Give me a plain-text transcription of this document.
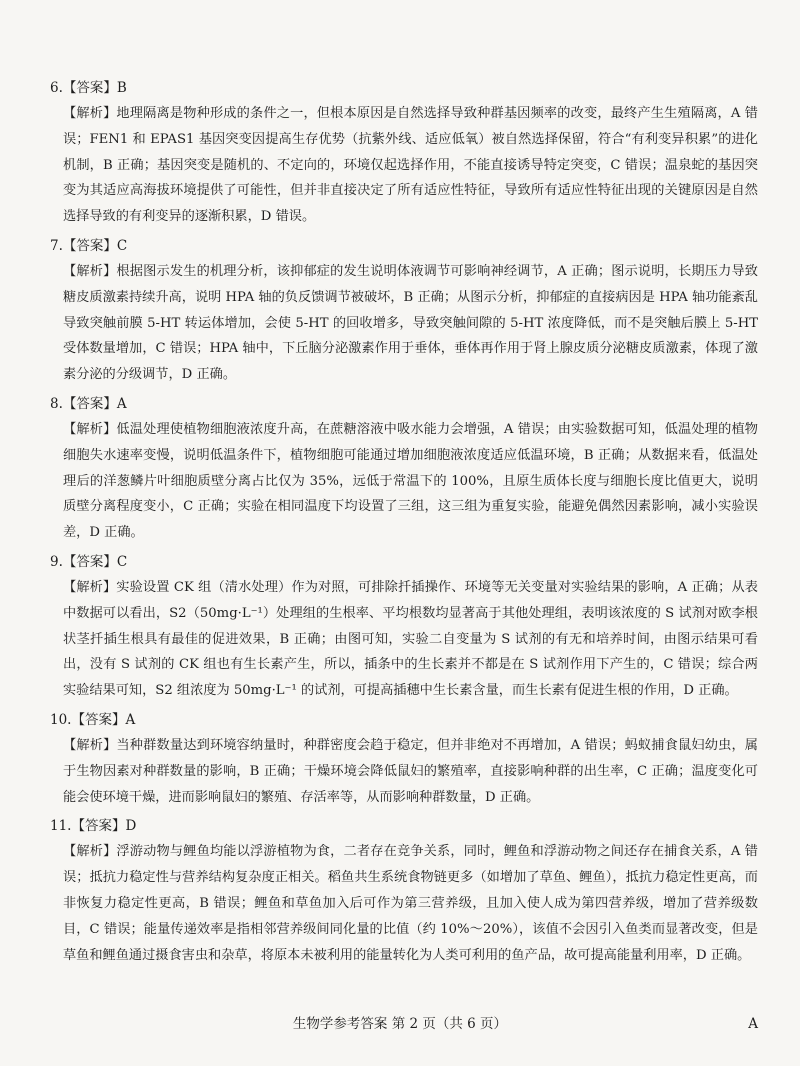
6.【答案】B
【解析】地理隔离是物种形成的条件之一，但根本原因是自然选择导致种群基因频率的改变，最终产生生殖隔离，A 错误；FEN1 和 EPAS1 基因突变因提高生存优势（抗紫外线、适应低氧）被自然选择保留，符合“有利变异积累”的进化机制，B 正确；基因突变是随机的、不定向的，环境仅起选择作用，不能直接诱导特定突变，C 错误；温泉蛇的基因突变为其适应高海拔环境提供了可能性，但并非直接决定了所有适应性特征，导致所有适应性特征出现的关键原因是自然选择导致的有利变异的逐渐积累，D 错误。
7.【答案】C
【解析】根据图示发生的机理分析，该抑郁症的发生说明体液调节可影响神经调节，A 正确；图示说明，长期压力导致糖皮质激素持续升高，说明 HPA 轴的负反馈调节被破坏，B 正确；从图示分析，抑郁症的直接病因是 HPA 轴功能紊乱导致突触前膜 5-HT 转运体增加，会使 5-HT 的回收增多，导致突触间隙的 5-HT 浓度降低，而不是突触后膜上 5-HT 受体数量增加，C 错误；HPA 轴中，下丘脑分泌激素作用于垂体，垂体再作用于肾上腺皮质分泌糖皮质激素，体现了激素分泌的分级调节，D 正确。
8.【答案】A
【解析】低温处理使植物细胞液浓度升高，在蔗糖溶液中吸水能力会增强，A 错误；由实验数据可知，低温处理的植物细胞失水速率变慢，说明低温条件下，植物细胞可能通过增加细胞液浓度适应低温环境，B 正确；从数据来看，低温处理后的洋葱鳞片叶细胞质壁分离占比仅为 35%，远低于常温下的 100%，且原生质体长度与细胞长度比值更大，说明质壁分离程度变小，C 正确；实验在相同温度下均设置了三组，这三组为重复实验，能避免偶然因素影响，减小实验误差，D 正确。
9.【答案】C
【解析】实验设置 CK 组（清水处理）作为对照，可排除扦插操作、环境等无关变量对实验结果的影响，A 正确；从表中数据可以看出，S2（50mg·L⁻¹）处理组的生根率、平均根数均显著高于其他处理组，表明该浓度的 S 试剂对欧李根状茎扦插生根具有最佳的促进效果，B 正确；由图可知，实验二自变量为 S 试剂的有无和培养时间，由图示结果可看出，没有 S 试剂的 CK 组也有生长素产生，所以，插条中的生长素并不都是在 S 试剂作用下产生的，C 错误；综合两实验结果可知，S2 组浓度为 50mg·L⁻¹ 的试剂，可提高插穗中生长素含量，而生长素有促进生根的作用，D 正确。
10.【答案】A
【解析】当种群数量达到环境容纳量时，种群密度会趋于稳定，但并非绝对不再增加，A 错误；蚂蚁捕食鼠妇幼虫，属于生物因素对种群数量的影响，B 正确；干燥环境会降低鼠妇的繁殖率，直接影响种群的出生率，C 正确；温度变化可能会使环境干燥，进而影响鼠妇的繁殖、存活率等，从而影响种群数量，D 正确。
11.【答案】D
【解析】浮游动物与鲤鱼均能以浮游植物为食，二者存在竞争关系，同时，鲤鱼和浮游动物之间还存在捕食关系，A 错误；抵抗力稳定性与营养结构复杂度正相关。稻鱼共生系统食物链更多（如增加了草鱼、鲤鱼），抵抗力稳定性更高，而非恢复力稳定性更高，B 错误；鲤鱼和草鱼加入后可作为第三营养级，且加入使人成为第四营养级，增加了营养级数目，C 错误；能量传递效率是指相邻营养级间同化量的比值（约 10%～20%），该值不会因引入鱼类而显著改变，但是草鱼和鲤鱼通过摄食害虫和杂草，将原本未被利用的能量转化为人类可利用的鱼产品，故可提高能量利用率，D 正确。
生物学参考答案 第 2 页（共 6 页）	A
